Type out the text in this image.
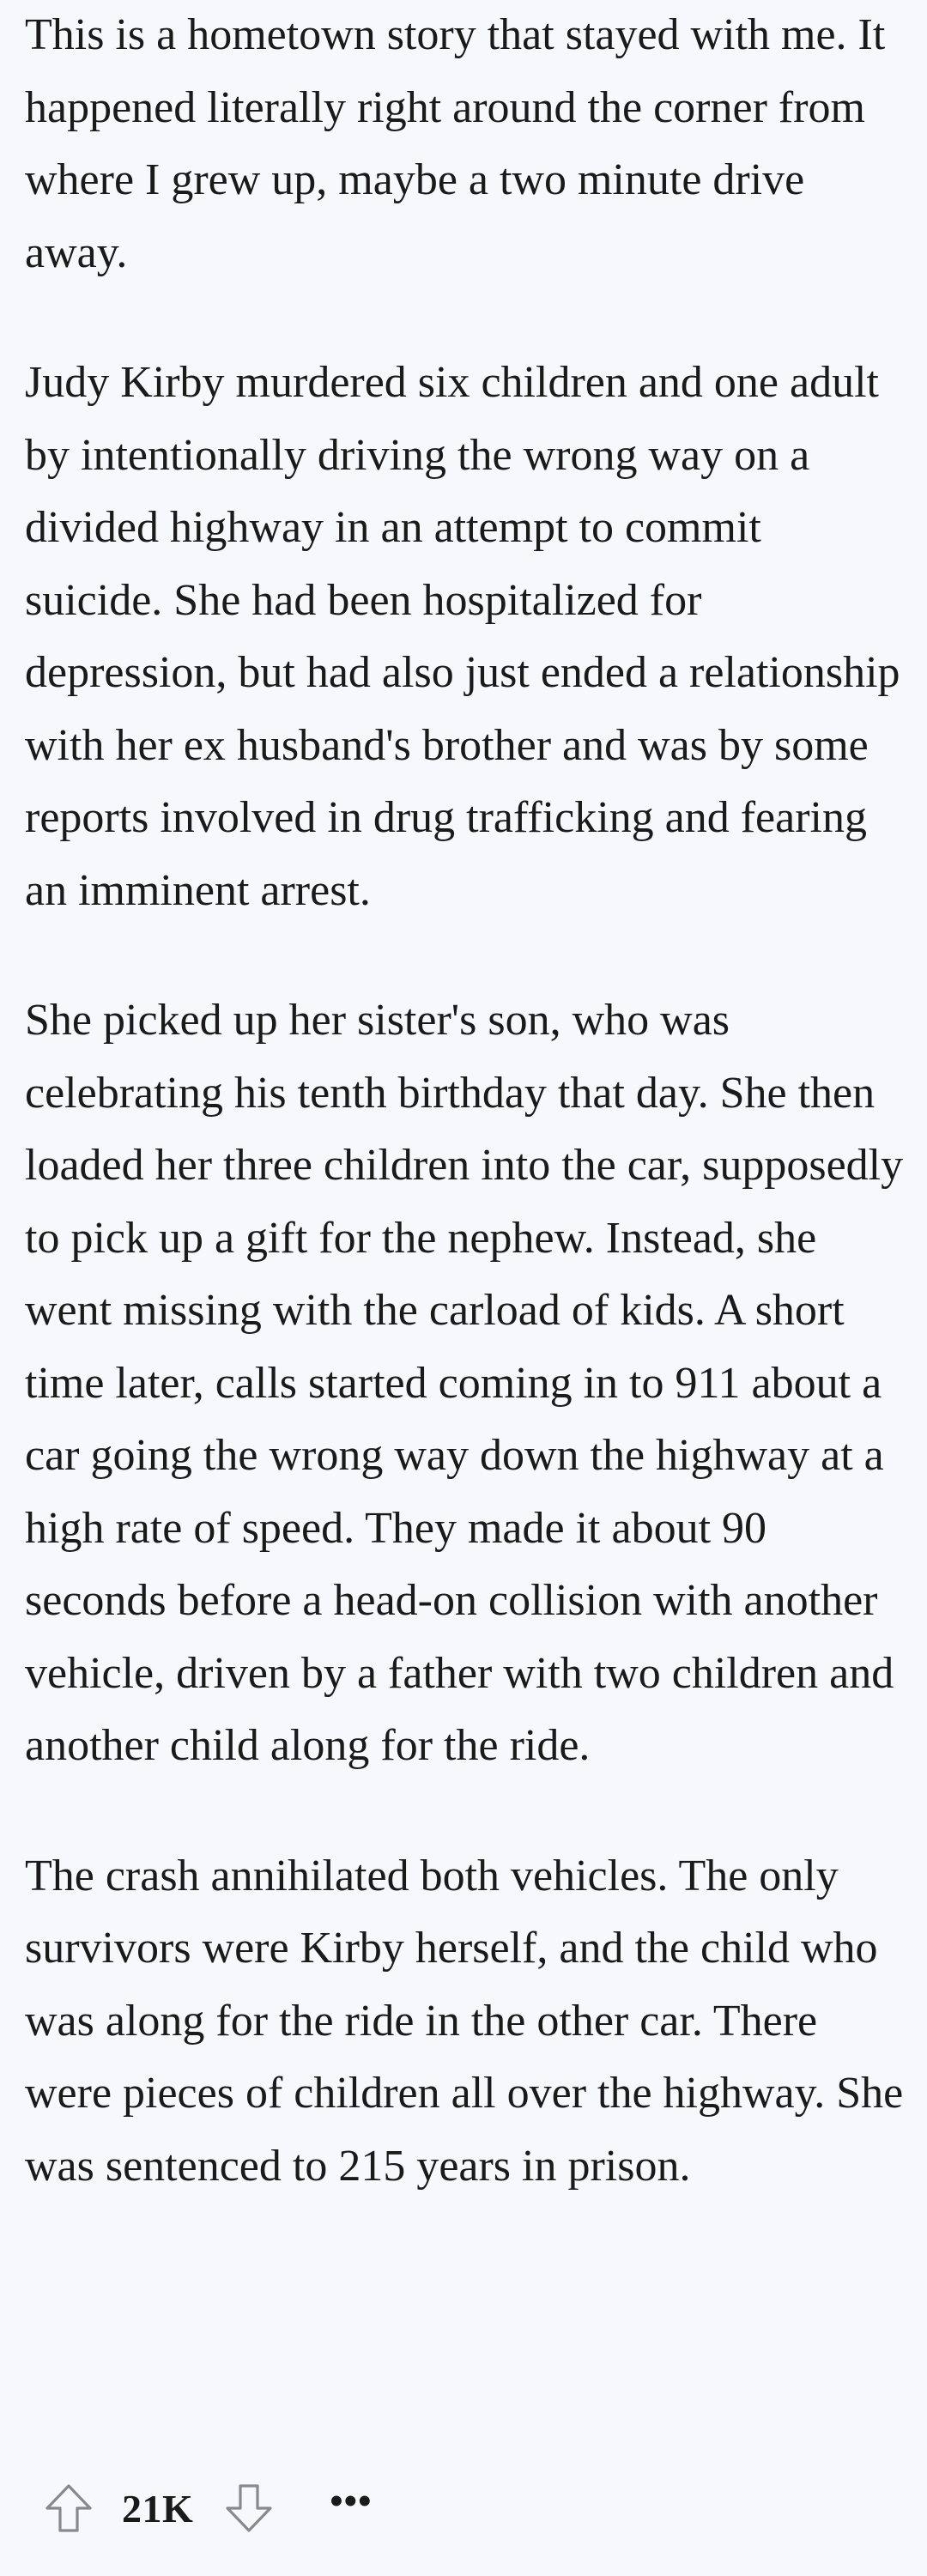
This is a hometown story that stayed with me. It happened literally right around the corner from where I grew up, maybe a two minute drive away.

Judy Kirby murdered six children and one adult by intentionally driving the wrong way on a divided highway in an attempt to commit suicide. She had been hospitalized for depression, but had also just ended a relationship with her ex husband's brother and was by some reports involved in drug trafficking and fearing an imminent arrest.

She picked up her sister's son, who was celebrating his tenth birthday that day. She then loaded her three children into the car, supposedly to pick up a gift for the nephew. Instead, she went missing with the carload of kids. A short time later, calls started coming in to 911 about a car going the wrong way down the highway at a high rate of speed. They made it about 90 seconds before a head-on collision with another vehicle, driven by a father with two children and another child along for the ride.

The crash annihilated both vehicles. The only survivors were Kirby herself, and the child who was along for the ride in the other car. There were pieces of children all over the highway. She was sentenced to 215 years in prison.

21K	•••
